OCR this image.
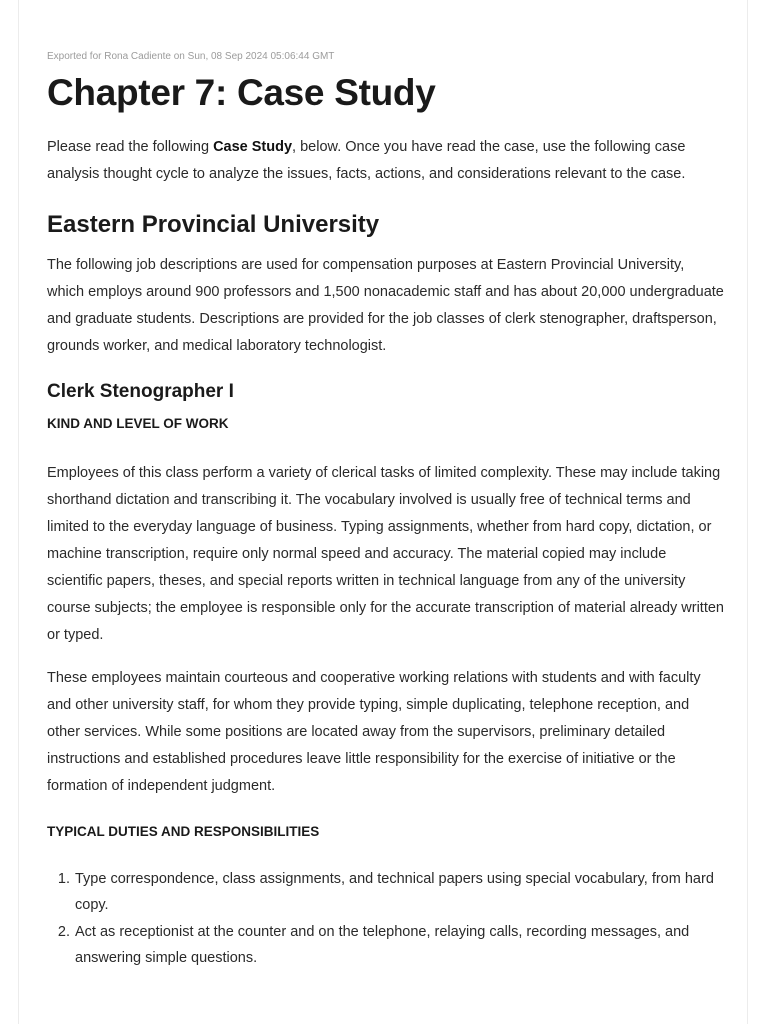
Exported for Rona Cadiente on Sun, 08 Sep 2024 05:06:44 GMT
Chapter 7: Case Study

Please read the following Case Study, below. Once you have read the case, use the following case analysis thought cycle to analyze the issues, facts, actions, and considerations relevant to the case.

Eastern Provincial University

The following job descriptions are used for compensation purposes at Eastern Provincial University, which employs around 900 professors and 1,500 nonacademic staff and has about 20,000 undergraduate and graduate students. Descriptions are provided for the job classes of clerk stenographer, draftsperson, grounds worker, and medical laboratory technologist.

Clerk Stenographer I
KIND AND LEVEL OF WORK

Employees of this class perform a variety of clerical tasks of limited complexity. These may include taking shorthand dictation and transcribing it. The vocabulary involved is usually free of technical terms and limited to the everyday language of business. Typing assignments, whether from hard copy, dictation, or machine transcription, require only normal speed and accuracy. The material copied may include scientific papers, theses, and special reports written in technical language from any of the university course subjects; the employee is responsible only for the accurate transcription of material already written or typed.

These employees maintain courteous and cooperative working relations with students and with faculty and other university staff, for whom they provide typing, simple duplicating, telephone reception, and other services. While some positions are located away from the supervisors, preliminary detailed instructions and established procedures leave little responsibility for the exercise of initiative or the formation of independent judgment.

TYPICAL DUTIES AND RESPONSIBILITIES
1. Type correspondence, class assignments, and technical papers using special vocabulary, from hard copy.
2. Act as receptionist at the counter and on the telephone, relaying calls, recording messages, and answering simple questions.
